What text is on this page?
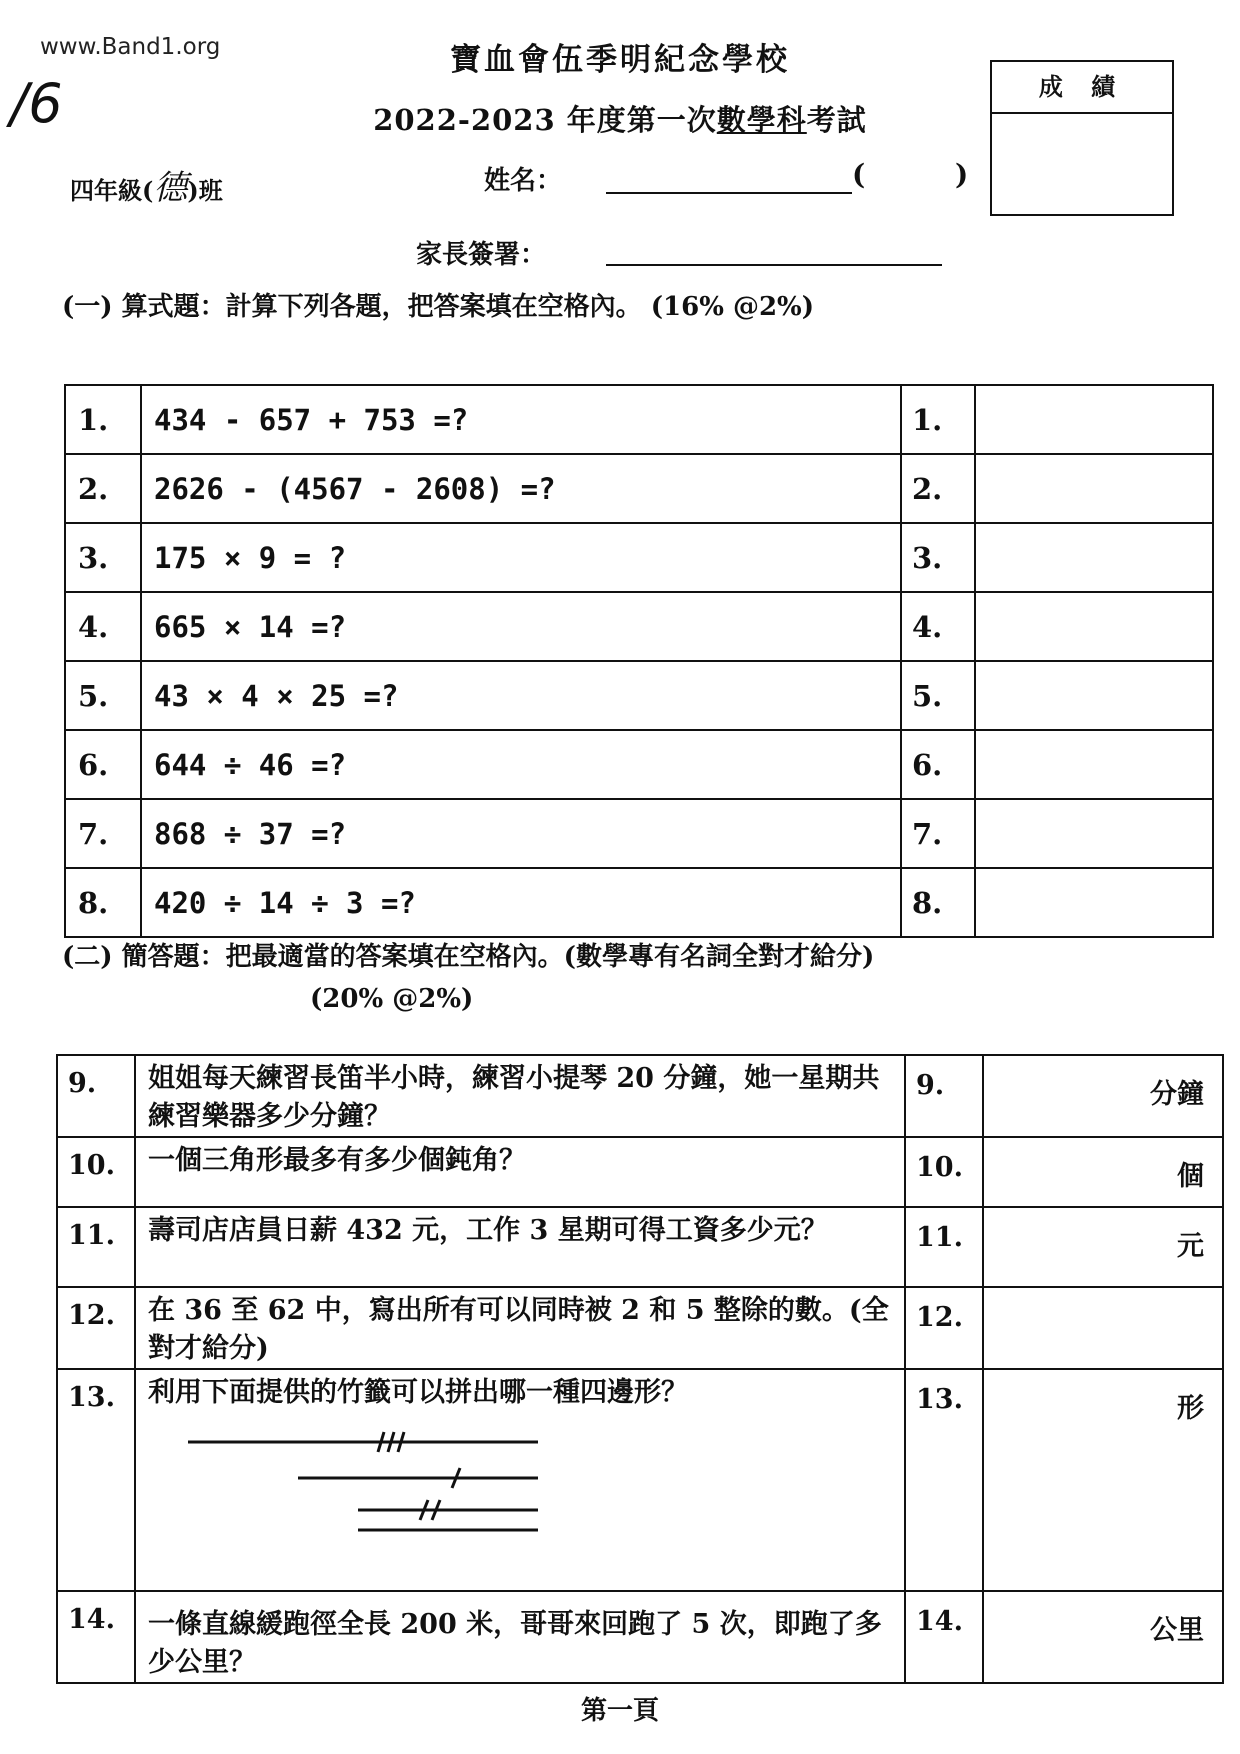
www.Band1.org
/6
寶血會伍季明紀念學校
2022-2023 年度第一次數學科考試
成 績
四年級(德)班	姓名：	( )
家長簽署：
(一) 算式題：計算下列各題，把答案填在空格內。 (16% @2%)
1.	434 - 657 + 753 =?	1.	
2.	2626 - (4567 - 2608) =?	2.	
3.	175 × 9 = ?	3.	
4.	665 × 14 =?	4.	
5.	43 × 4 × 25 =?	5.	
6.	644 ÷ 46 =?	6.	
7.	868 ÷ 37 =?	7.	
8.	420 ÷ 14 ÷ 3 =?	8.	
(二) 簡答題：把最適當的答案填在空格內。(數學專有名詞全對才給分)
(20% @2%)
9.	姐姐每天練習長笛半小時，練習小提琴 20 分鐘，她一星期共練習樂器多少分鐘？	9.	分鐘
10.	一個三角形最多有多少個鈍角？	10.	個
11.	壽司店店員日薪 432 元，工作 3 星期可得工資多少元？	11.	元
12.	在 36 至 62 中，寫出所有可以同時被 2 和 5 整除的數。(全對才給分)	12.	
13.	利用下面提供的竹籤可以拼出哪一種四邊形？	13.	形
14.	一條直線緩跑徑全長 200 米，哥哥來回跑了 5 次，即跑了多少公里？	14.	公里
第一頁
